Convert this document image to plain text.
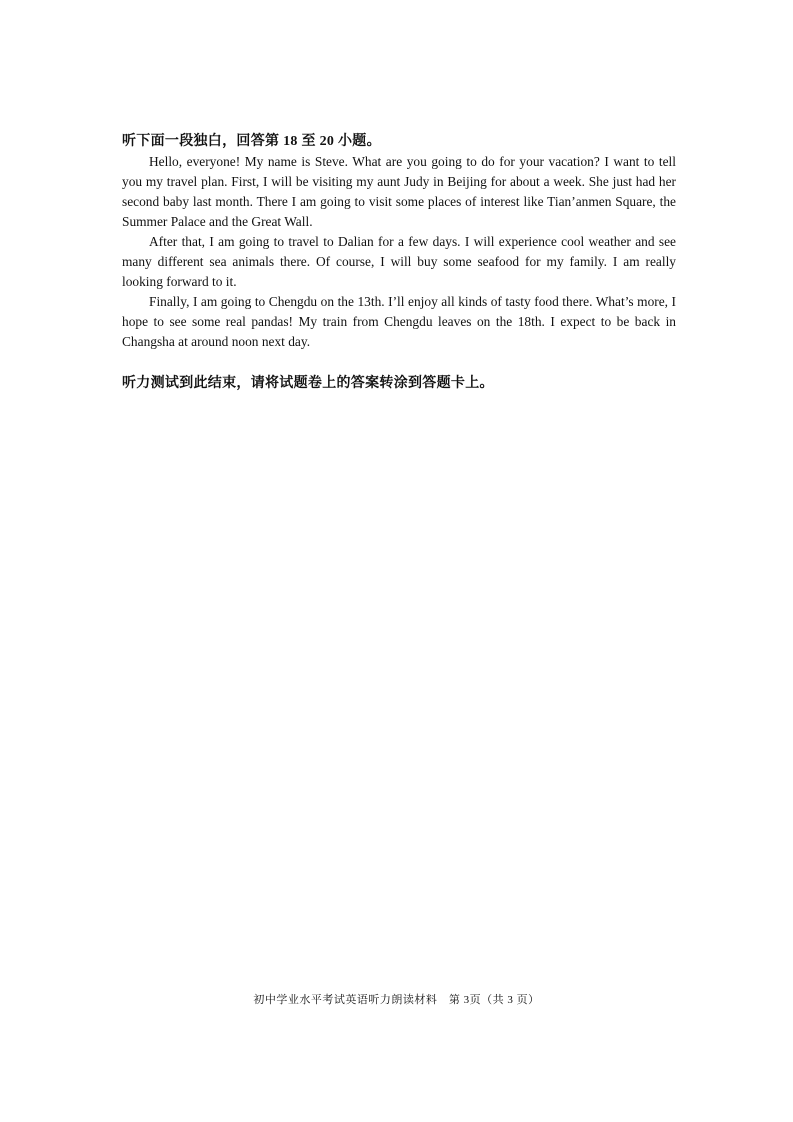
听下面一段独白，回答第 18 至 20 小题。

Hello, everyone! My name is Steve. What are you going to do for your vacation? I want to tell you my travel plan. First, I will be visiting my aunt Judy in Beijing for about a week. She just had her second baby last month. There I am going to visit some places of interest like Tian’anmen Square, the Summer Palace and the Great Wall.

After that, I am going to travel to Dalian for a few days. I will experience cool weather and see many different sea animals there. Of course, I will buy some seafood for my family. I am really looking forward to it.

Finally, I am going to Chengdu on the 13th. I’ll enjoy all kinds of tasty food there. What’s more, I hope to see some real pandas! My train from Chengdu leaves on the 18th. I expect to be back in Changsha at around noon next day.

听力测试到此结束，请将试题卷上的答案转涂到答题卡上。

初中学业水平考试英语听力朗读材料　第 3页（共 3 页）
